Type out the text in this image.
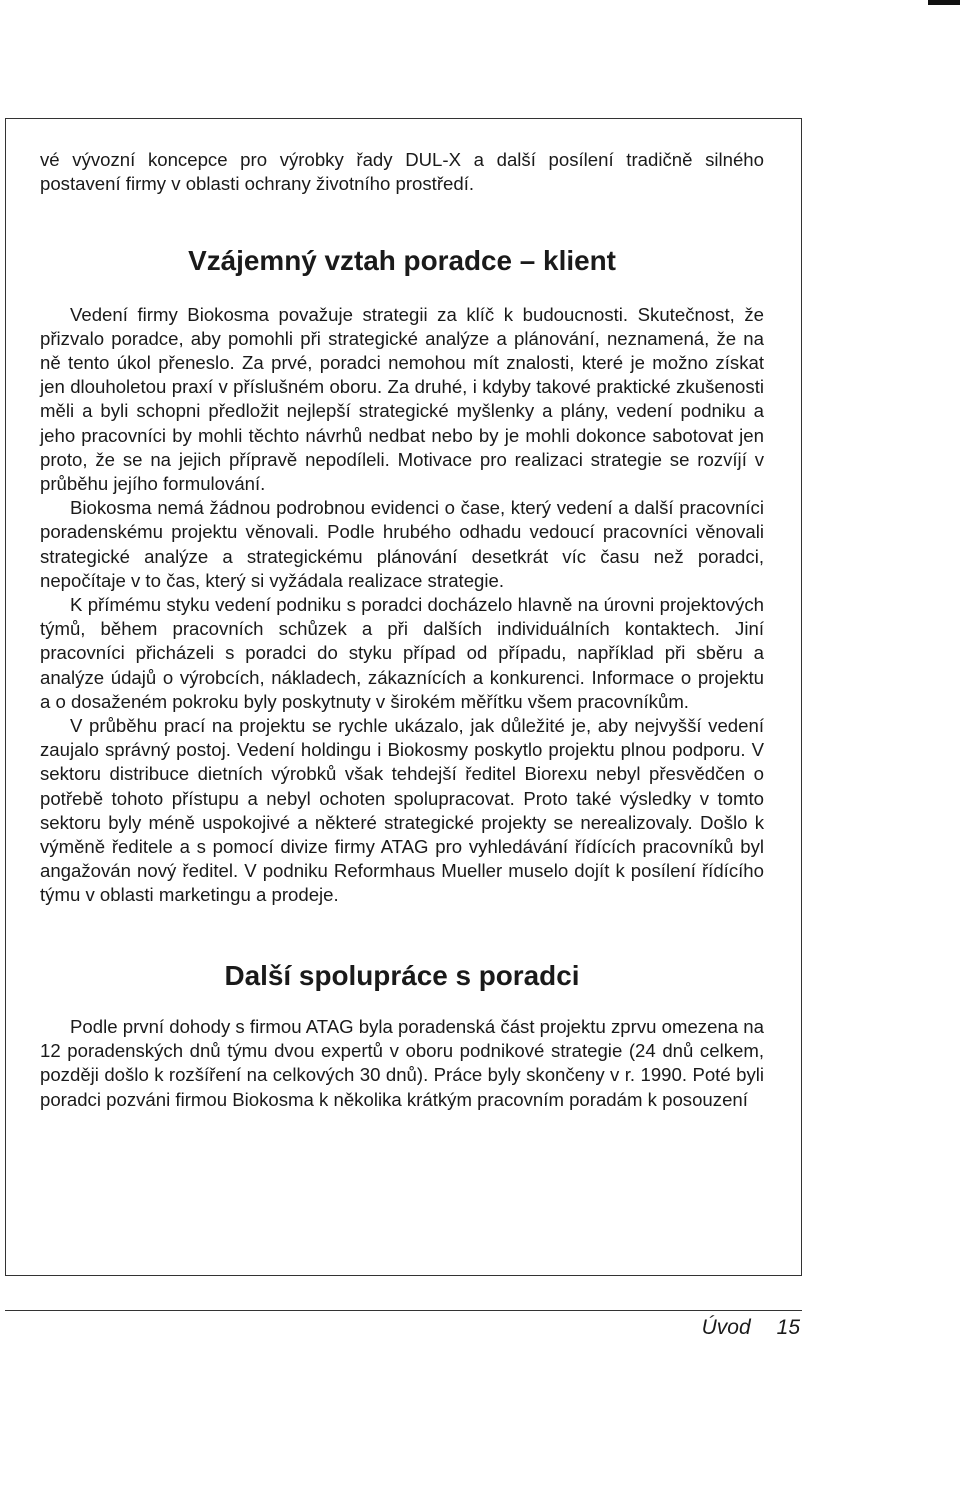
vé vývozní koncepce pro výrobky řady DUL-X a další posílení tradičně silného postavení firmy v oblasti ochrany životního prostředí.

Vzájemný vztah poradce – klient

Vedení firmy Biokosma považuje strategii za klíč k budoucnosti. Skutečnost, že přizvalo poradce, aby pomohli při strategické analýze a plánování, neznamená, že na ně tento úkol přeneslo. Za prvé, poradci nemohou mít znalosti, které je možno získat jen dlouholetou praxí v příslušném oboru. Za druhé, i kdyby takové praktické zkušenosti měli a byli schopni předložit nejlepší strategické myšlenky a plány, vedení podniku a jeho pracovníci by mohli těchto návrhů nedbat nebo by je mohli dokonce sabotovat jen proto, že se na jejich přípravě nepodíleli. Motivace pro realizaci strategie se rozvíjí v průběhu jejího formulování.

Biokosma nemá žádnou podrobnou evidenci o čase, který vedení a další pracovníci poradenskému projektu věnovali. Podle hrubého odhadu vedoucí pracovníci věnovali strategické analýze a strategickému plánování desetkrát víc času než poradci, nepočítaje v to čas, který si vyžádala realizace strategie.

K přímému styku vedení podniku s poradci docházelo hlavně na úrovni projektových týmů, během pracovních schůzek a při dalších individuálních kontaktech. Jiní pracovníci přicházeli s poradci do styku případ od případu, například při sběru a analýze údajů o výrobcích, nákladech, zákaznících a konkurenci. Informace o projektu a o dosaženém pokroku byly poskytnuty v širokém měřítku všem pracovníkům.

V průběhu prací na projektu se rychle ukázalo, jak důležité je, aby nejvyšší vedení zaujalo správný postoj. Vedení holdingu i Biokosmy poskytlo projektu plnou podporu. V sektoru distribuce dietních výrobků však tehdejší ředitel Biorexu nebyl přesvědčen o potřebě tohoto přístupu a nebyl ochoten spolupracovat. Proto také výsledky v tomto sektoru byly méně uspokojivé a některé strategické projekty se nerealizovaly. Došlo k výměně ředitele a s pomocí divize firmy ATAG pro vyhledávání řídících pracovníků byl angažován nový ředitel. V podniku Reformhaus Mueller muselo dojít k posílení řídícího týmu v oblasti marketingu a prodeje.

Další spolupráce s poradci

Podle první dohody s firmou ATAG byla poradenská část projektu zprvu omezena na 12 poradenských dnů týmu dvou expertů v oboru podnikové strategie (24 dnů celkem, později došlo k rozšíření na celkových 30 dnů). Práce byly skončeny v r. 1990. Poté byli poradci pozváni firmou Biokosma k několika krátkým pracovním poradám k posouzení

Úvod 15
